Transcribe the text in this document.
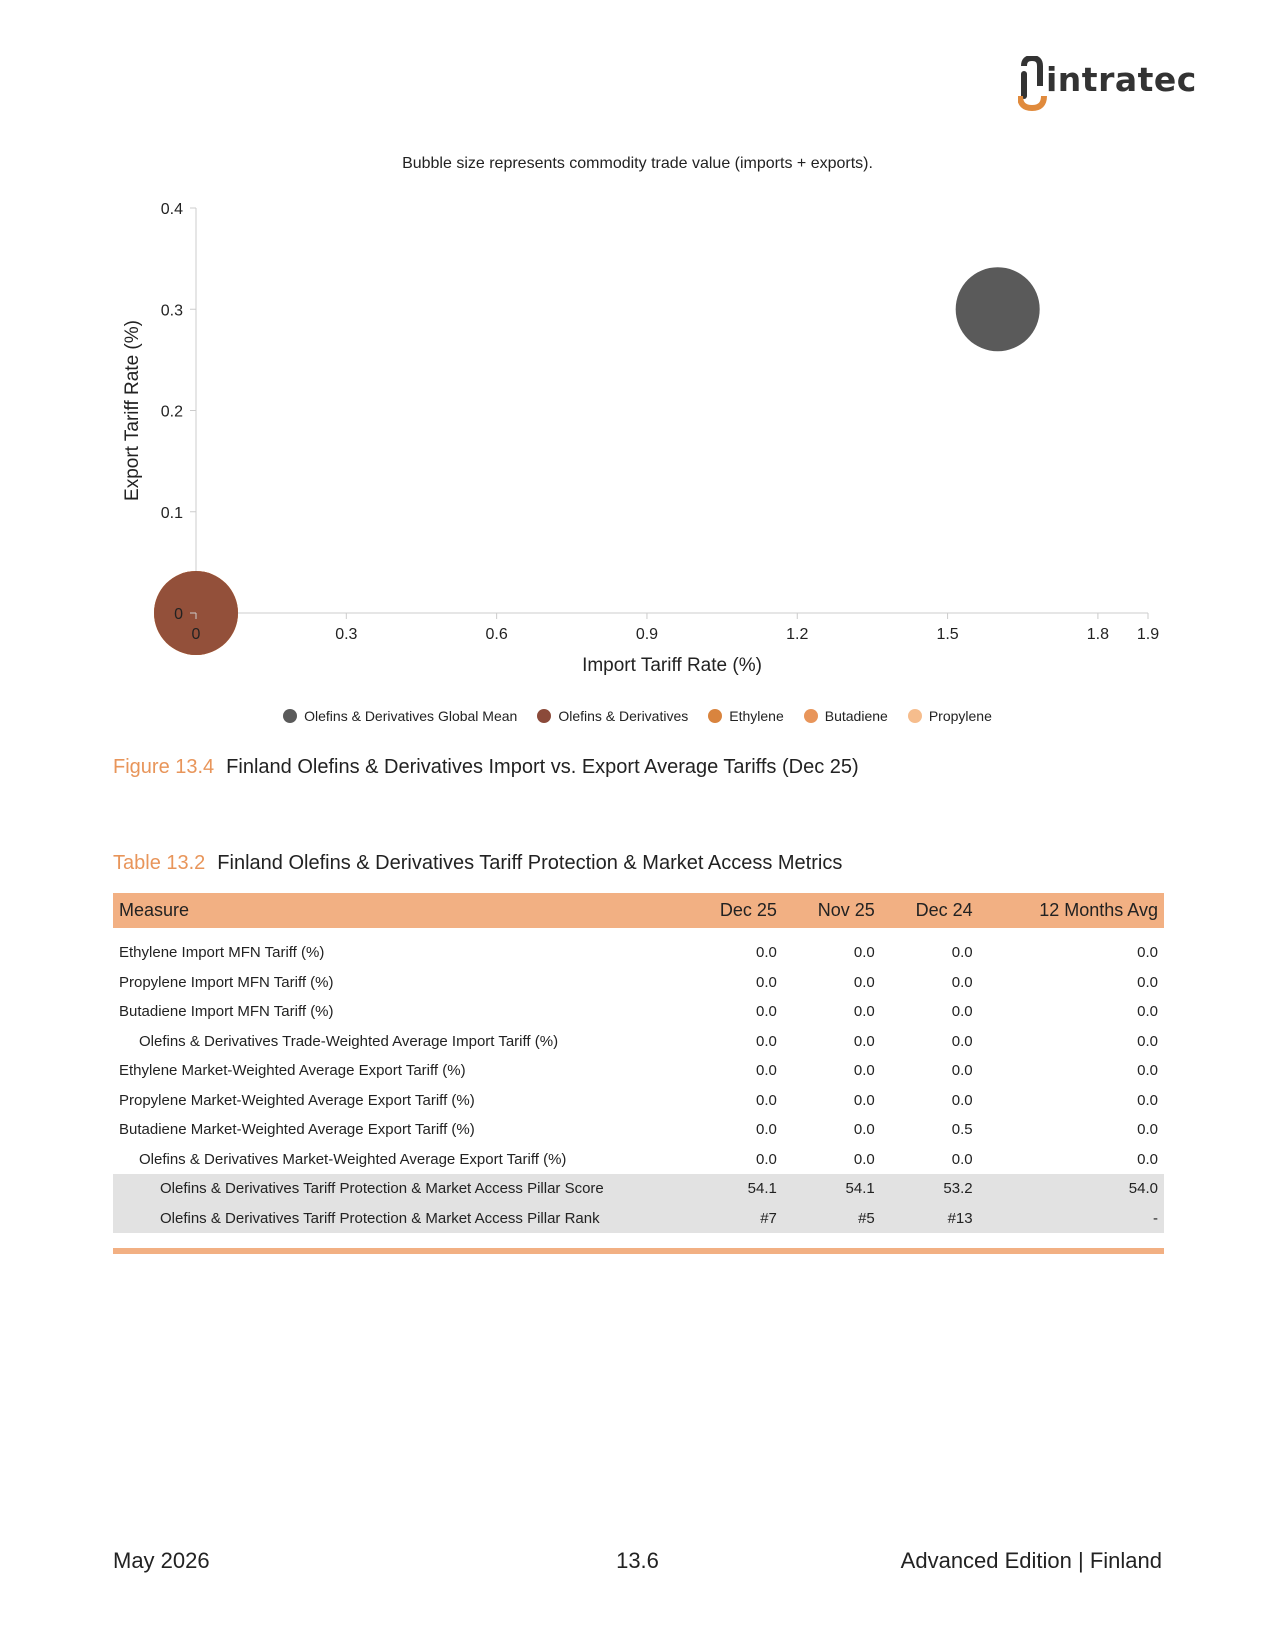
intratec
Bubble size represents commodity trade value (imports + exports).
0
0.1
0.2
0.3
0.4
0	0.3	0.6	0.9	1.2	1.5	1.8 1.9
Import Tariff Rate (%)
Export Tariff Rate (%)
Olefins & Derivatives Global Mean	Olefins & Derivatives	Ethylene	Butadiene	Propylene
Figure 13.4 Finland Olefins & Derivatives Import vs. Export Average Tariffs (Dec 25)
Table 13.2 Finland Olefins & Derivatives Tariff Protection & Market Access Metrics
Measure	Dec 25	Nov 25	Dec 24	12 Months Avg

Ethylene Import MFN Tariff (%)	0.0	0.0	0.0	0.0
Propylene Import MFN Tariff (%)	0.0	0.0	0.0	0.0
Butadiene Import MFN Tariff (%)	0.0	0.0	0.0	0.0
Olefins & Derivatives Trade-Weighted Average Import Tariff (%)	0.0	0.0	0.0	0.0
Ethylene Market-Weighted Average Export Tariff (%)	0.0	0.0	0.0	0.0
Propylene Market-Weighted Average Export Tariff (%)	0.0	0.0	0.0	0.0
Butadiene Market-Weighted Average Export Tariff (%)	0.0	0.0	0.5	0.0
Olefins & Derivatives Market-Weighted Average Export Tariff (%)	0.0	0.0	0.0	0.0
Olefins & Derivatives Tariff Protection & Market Access Pillar Score	54.1	54.1	53.2	54.0
Olefins & Derivatives Tariff Protection & Market Access Pillar Rank	#7	#5	#13	-
May 2026	13.6	Advanced Edition | Finland
